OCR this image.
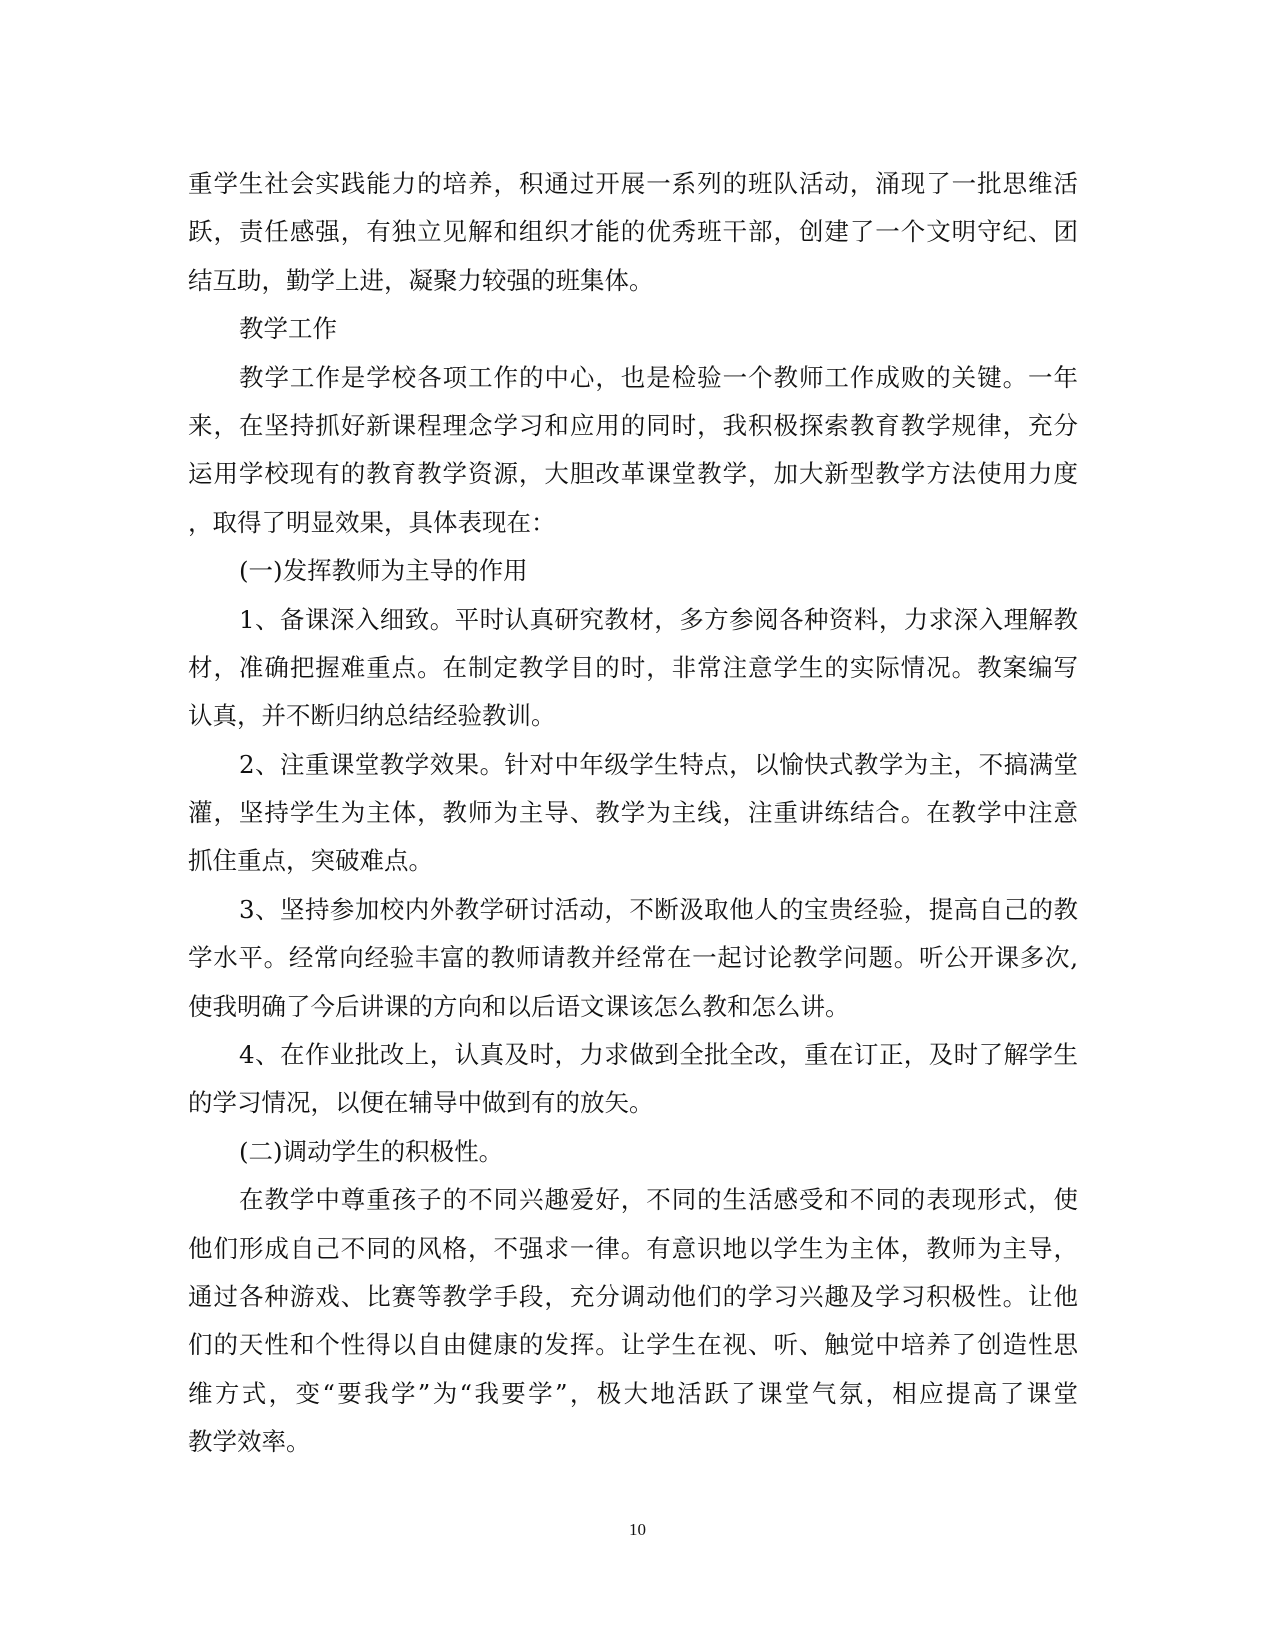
重学生社会实践能力的培养，积通过开展一系列的班队活动，涌现了一批思维活
跃，责任感强，有独立见解和组织才能的优秀班干部，创建了一个文明守纪、团
结互助，勤学上进，凝聚力较强的班集体。
教学工作
教学工作是学校各项工作的中心，也是检验一个教师工作成败的关键。一年
来，在坚持抓好新课程理念学习和应用的同时，我积极探索教育教学规律，充分
运用学校现有的教育教学资源，大胆改革课堂教学，加大新型教学方法使用力度
，取得了明显效果，具体表现在：
(一)发挥教师为主导的作用
1、备课深入细致。平时认真研究教材，多方参阅各种资料，力求深入理解教
材，准确把握难重点。在制定教学目的时，非常注意学生的实际情况。教案编写
认真，并不断归纳总结经验教训。
2、注重课堂教学效果。针对中年级学生特点，以愉快式教学为主，不搞满堂
灌，坚持学生为主体，教师为主导、教学为主线，注重讲练结合。在教学中注意
抓住重点，突破难点。
3、坚持参加校内外教学研讨活动，不断汲取他人的宝贵经验，提高自己的教
学水平。经常向经验丰富的教师请教并经常在一起讨论教学问题。听公开课多次,
使我明确了今后讲课的方向和以后语文课该怎么教和怎么讲。
4、在作业批改上，认真及时，力求做到全批全改，重在订正，及时了解学生
的学习情况，以便在辅导中做到有的放矢。
(二)调动学生的积极性。
在教学中尊重孩子的不同兴趣爱好，不同的生活感受和不同的表现形式，使
他们形成自己不同的风格，不强求一律。有意识地以学生为主体，教师为主导，
通过各种游戏、比赛等教学手段，充分调动他们的学习兴趣及学习积极性。让他
们的天性和个性得以自由健康的发挥。让学生在视、听、触觉中培养了创造性思
维方式，变“要我学”为“我要学”，极大地活跃了课堂气氛，相应提高了课堂
教学效率。
10
